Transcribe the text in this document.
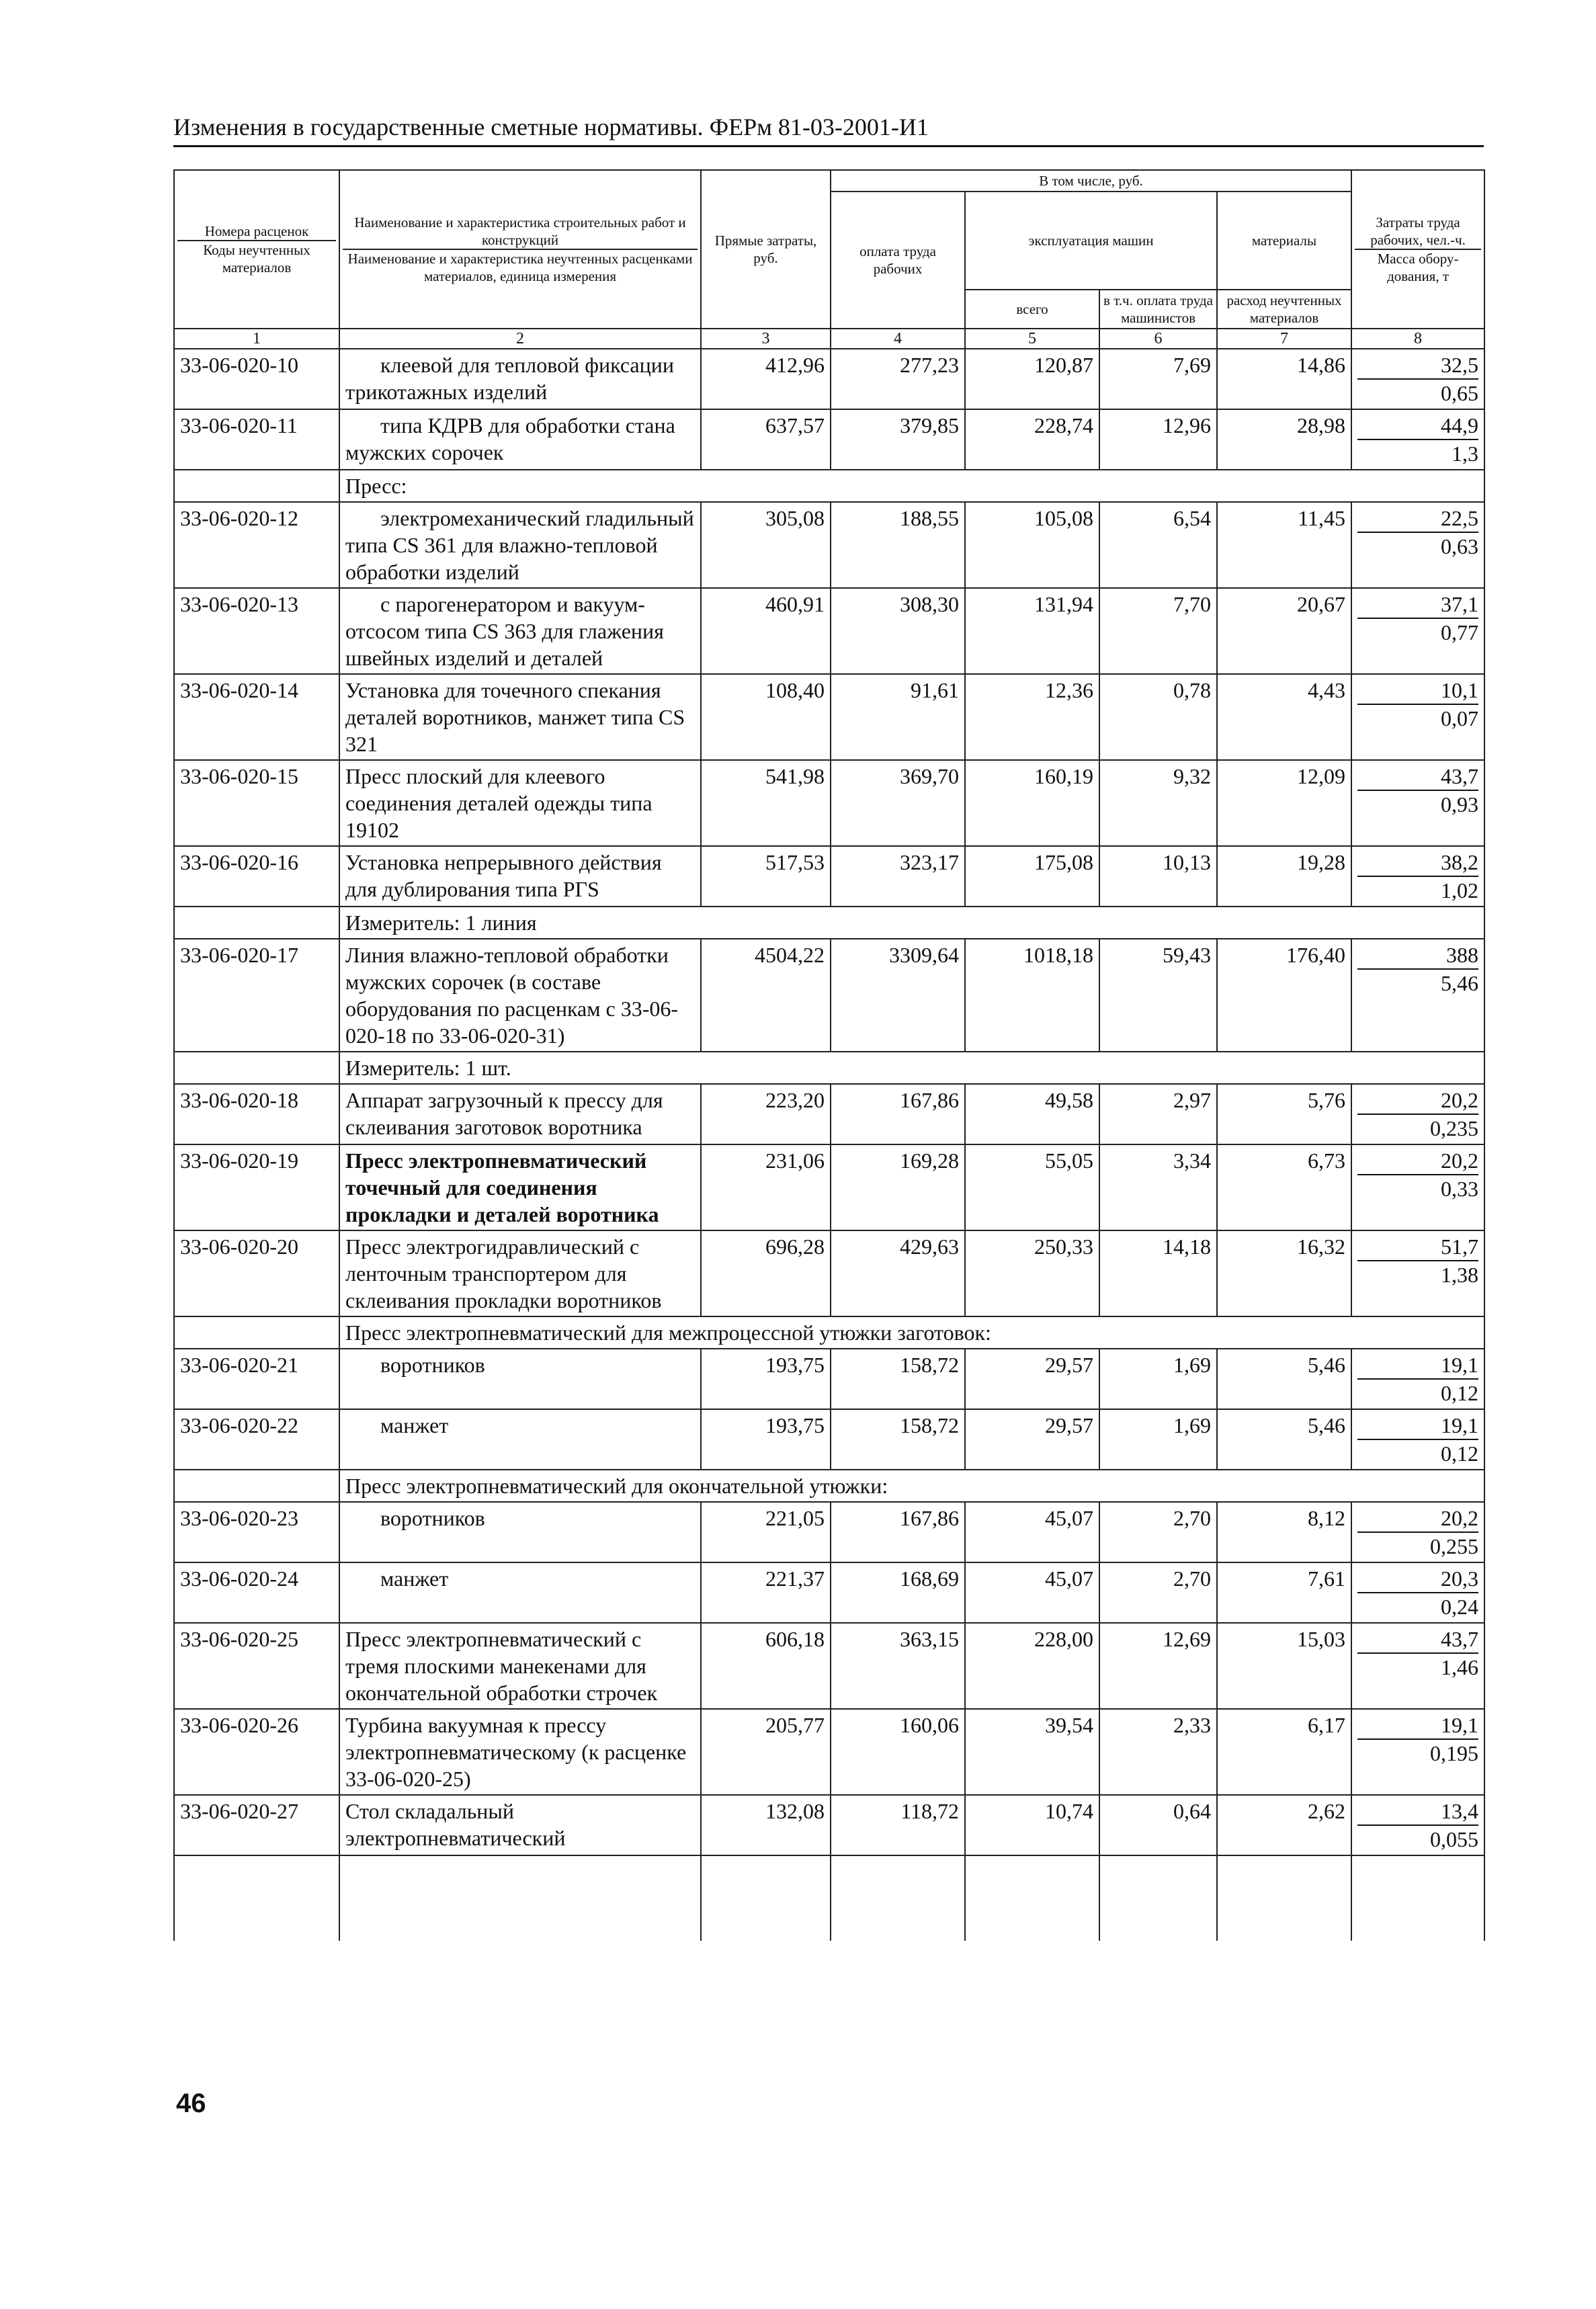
Изменения в государственные сметные нормативы. ФЕРм 81-03-2001-И1
Номера расценок
Коды неучтенных материалов	Наименование и характеристика строительных работ и конструкций
Наименование и характеристика неучтенных расценками материалов, единица измерения	Прямые затраты, руб.	В том числе, руб.				Затраты труда рабочих, чел.-ч.
Масса обору-дования, т
			оплата труда рабочих	эксплуатация машин		материалы	
				всего	в т.ч. оплата труда машинистов	расход неучтенных материалов	
1	2	3	4	5	6	7	8
33-06-020-10	клеевой для тепловой фиксации трикотажных изделий	412,96	277,23	120,87	7,69	14,86	32,5
0,65

33-06-020-11	типа КДРВ для обработки стана мужских сорочек	637,57	379,85	228,74	12,96	28,98	44,9
1,3

	Пресс:						
33-06-020-12	электромеханический гладильный типа CS 361 для влажно-тепловой обработки изделий	305,08	188,55	105,08	6,54	11,45	22,5
0,63

33-06-020-13	с парогенератором и вакуум-отсосом типа CS 363 для глажения швейных изделий и деталей	460,91	308,30	131,94	7,70	20,67	37,1
0,77

33-06-020-14	Установка для точечного спекания деталей воротников, манжет типа CS 321	108,40	91,61	12,36	0,78	4,43	10,1
0,07

33-06-020-15	Пресс плоский для клеевого соединения деталей одежды типа 19102	541,98	369,70	160,19	9,32	12,09	43,7
0,93

33-06-020-16	Установка непрерывного действия для дублирования типа PГS	517,53	323,17	175,08	10,13	19,28	38,2
1,02

	Измеритель: 1 линия						
33-06-020-17	Линия влажно-тепловой обработки мужских сорочек (в составе оборудования по расценкам с 33-06-020-18 по 33-06-020-31)	4504,22	3309,64	1018,18	59,43	176,40	388
5,46

	Измеритель: 1 шт.						
33-06-020-18	Аппарат загрузочный к прессу для склеивания заготовок воротника	223,20	167,86	49,58	2,97	5,76	20,2
0,235

33-06-020-19	Пресс электропневматический точечный для соединения прокладки и деталей воротника	231,06	169,28	55,05	3,34	6,73	20,2
0,33

33-06-020-20	Пресс электрогидравлический с ленточным транспортером для склеивания прокладки воротников	696,28	429,63	250,33	14,18	16,32	51,7
1,38

	Пресс электропневматический для межпроцессной утюжки заготовок:						
33-06-020-21	воротников	193,75	158,72	29,57	1,69	5,46	19,1
0,12

33-06-020-22	манжет	193,75	158,72	29,57	1,69	5,46	19,1
0,12

	Пресс электропневматический для окончательной утюжки:						
33-06-020-23	воротников	221,05	167,86	45,07	2,70	8,12	20,2
0,255

33-06-020-24	манжет	221,37	168,69	45,07	2,70	7,61	20,3
0,24

33-06-020-25	Пресс электропневматический с тремя плоскими манекенами для окончательной обработки строчек	606,18	363,15	228,00	12,69	15,03	43,7
1,46

33-06-020-26	Турбина вакуумная к прессу электропневматическому (к расценке 33-06-020-25)	205,77	160,06	39,54	2,33	6,17	19,1
0,195

33-06-020-27	Стол складальный электропневматический	132,08	118,72	10,74	0,64	2,62	13,4
0,055

46
